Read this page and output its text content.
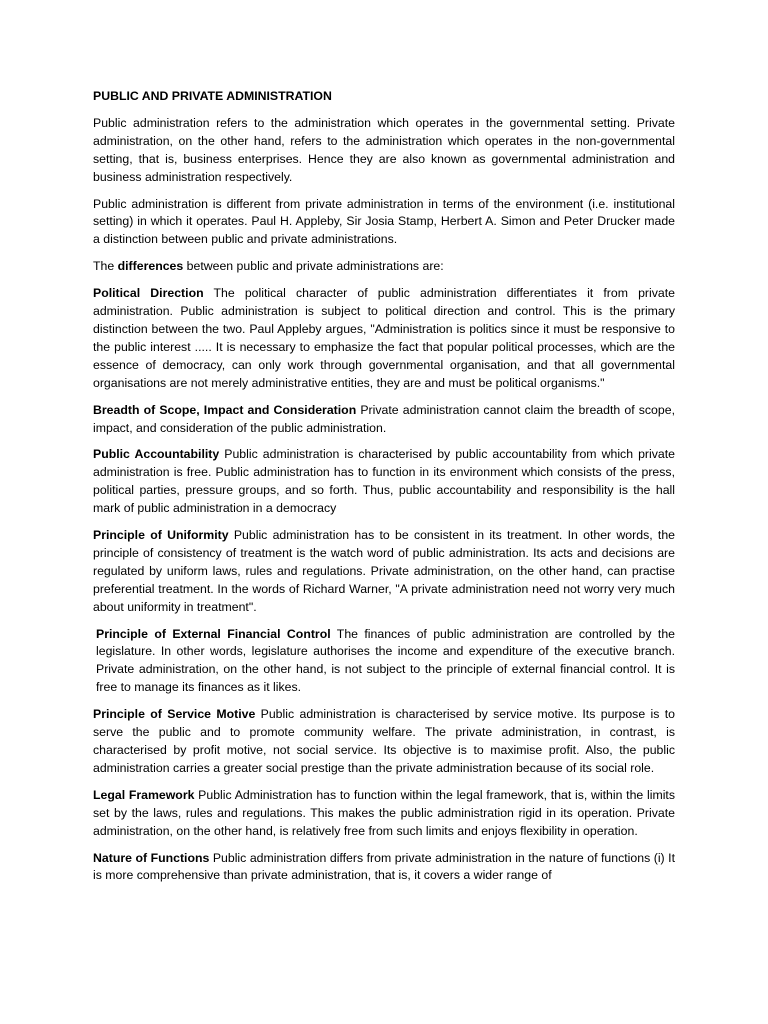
PUBLIC AND PRIVATE ADMINISTRATION

Public administration refers to the administration which operates in the governmental setting. Private administration, on the other hand, refers to the administration which operates in the non-governmental setting, that is, business enterprises. Hence they are also known as governmental administration and business administration respectively.

Public administration is different from private administration in terms of the environment (i.e. institutional setting) in which it operates. Paul H. Appleby, Sir Josia Stamp, Herbert A. Simon and Peter Drucker made a distinction between public and private administrations.

The differences between public and private administrations are:

Political Direction The political character of public administration differentiates it from private administration. Public administration is subject to political direction and control. This is the primary distinction between the two. Paul Appleby argues, "Administration is politics since it must be responsive to the public interest ..... It is necessary to emphasize the fact that popular political processes, which are the essence of democracy, can only work through governmental organisation, and that all governmental organisations are not merely administrative entities, they are and must be political organisms."

Breadth of Scope, Impact and Consideration Private administration cannot claim the breadth of scope, impact, and consideration of the public administration.

Public Accountability Public administration is characterised by public accountability from which private administration is free. Public administration has to function in its environment which consists of the press, political parties, pressure groups, and so forth. Thus, public accountability and responsibility is the hall mark of public administration in a democracy

Principle of Uniformity Public administration has to be consistent in its treatment. In other words, the principle of consistency of treatment is the watch word of public administration. Its acts and decisions are regulated by uniform laws, rules and regulations. Private administration, on the other hand, can practise preferential treatment. In the words of Richard Warner, "A private administration need not worry very much about uniformity in treatment".

Principle of External Financial Control The finances of public administration are controlled by the legislature. In other words, legislature authorises the income and expenditure of the executive branch. Private administration, on the other hand, is not subject to the principle of external financial control. It is free to manage its finances as it likes.

Principle of Service Motive Public administration is characterised by service motive. Its purpose is to serve the public and to promote community welfare. The private administration, in contrast, is characterised by profit motive, not social service. Its objective is to maximise profit. Also, the public administration carries a greater social prestige than the private administration because of its social role.

Legal Framework Public Administration has to function within the legal framework, that is, within the limits set by the laws, rules and regulations. This makes the public administration rigid in its operation. Private administration, on the other hand, is relatively free from such limits and enjoys flexibility in operation.

Nature of Functions Public administration differs from private administration in the nature of functions (i) It is more comprehensive than private administration, that is, it covers a wider range of
